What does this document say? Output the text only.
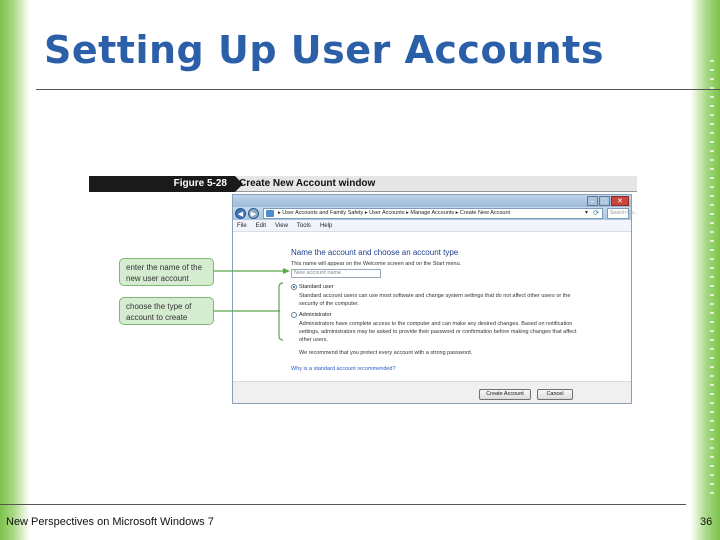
Setting Up User Accounts
Figure 5-28	Create New Account window
–	□	✕
◀	▶	▸ User Accounts and Family Safety ▸ User Accounts ▸ Manage Accounts ▸ Create New Account	▾ ⟳	Search Co...
File Edit View Tools Help
Name the account and choose an account type
This name will appear on the Welcome screen and on the Start menu.
New account name
Standard user
Standard account users can use most software and change system settings that do not affect other users or the security of the computer.
Administrator
Administrators have complete access to the computer and can make any desired changes. Based on notification settings, administrators may be asked to provide their password or confirmation before making changes that affect other users.
We recommend that you protect every account with a strong password.
Why is a standard account recommended?
Create Account	Cancel
enter the name of the new user account
choose the type of account to create
New Perspectives on Microsoft Windows 7	36
